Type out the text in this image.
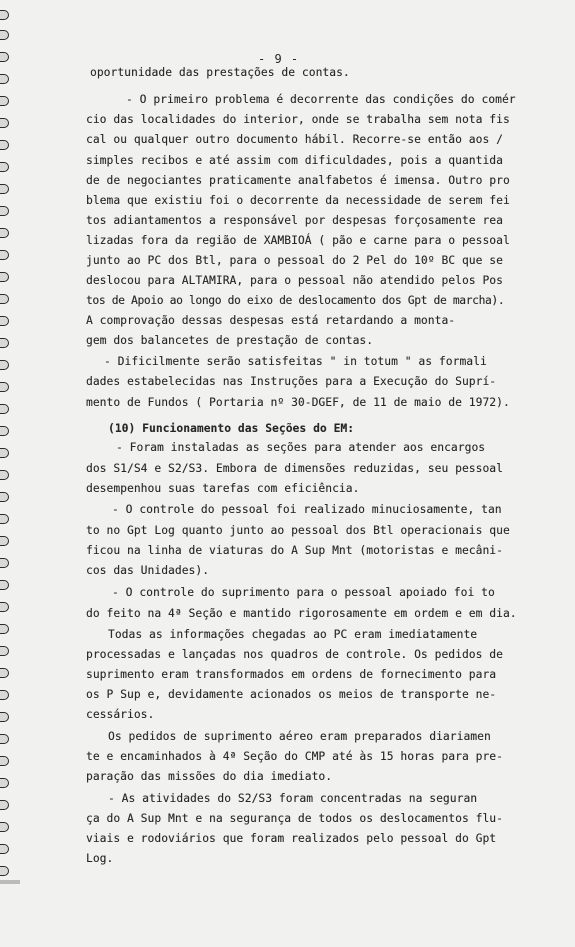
- 9 -
oportunidade das prestações de contas.
- O primeiro problema é decorrente das condições do comér
cio das localidades do interior, onde se trabalha sem nota fis
cal ou qualquer outro documento hábil. Recorre-se então aos /
simples recibos e até assim com dificuldades, pois a quantida
de de negociantes praticamente analfabetos é imensa. Outro pro
blema que existiu foi o decorrente da necessidade de serem fei
tos adiantamentos a responsável por despesas forçosamente rea
lizadas fora da região de XAMBIOÁ ( pão e carne para o pessoal
junto ao PC dos Btl, para o pessoal do 2 Pel do 10º BC que se
deslocou para ALTAMIRA, para o pessoal não atendido pelos Pos
tos de Apoio ao longo do eixo de deslocamento dos Gpt de marcha).
A comprovação dessas despesas está retardando a monta-
gem dos balancetes de prestação de contas.
- Dificilmente serão satisfeitas " in totum " as formali
dades estabelecidas nas Instruções para a Execução do Suprí-
mento de Fundos ( Portaria nº 30-DGEF, de 11 de maio de 1972).
(10) Funcionamento das Seções do EM:
- Foram instaladas as seções para atender aos encargos
dos S1/S4 e S2/S3. Embora de dimensões reduzidas, seu pessoal
desempenhou suas tarefas com eficiência.
- O controle do pessoal foi realizado minuciosamente, tan
to no Gpt Log quanto junto ao pessoal dos Btl operacionais que
ficou na linha de viaturas do A Sup Mnt (motoristas e mecâni-
cos das Unidades).
- O controle do suprimento para o pessoal apoiado foi to
do feito na 4ª Seção e mantido rigorosamente em ordem e em dia.
Todas as informações chegadas ao PC eram imediatamente
processadas e lançadas nos quadros de controle. Os pedidos de
suprimento eram transformados em ordens de fornecimento para
os P Sup e, devidamente acionados os meios de transporte ne-
cessários.
Os pedidos de suprimento aéreo eram preparados diariamen
te e encaminhados à 4ª Seção do CMP até às 15 horas para pre-
paração das missões do dia imediato.
- As atividades do S2/S3 foram concentradas na seguran
ça do A Sup Mnt e na segurança de todos os deslocamentos flu-
viais e rodoviários que foram realizados pelo pessoal do Gpt
Log.
